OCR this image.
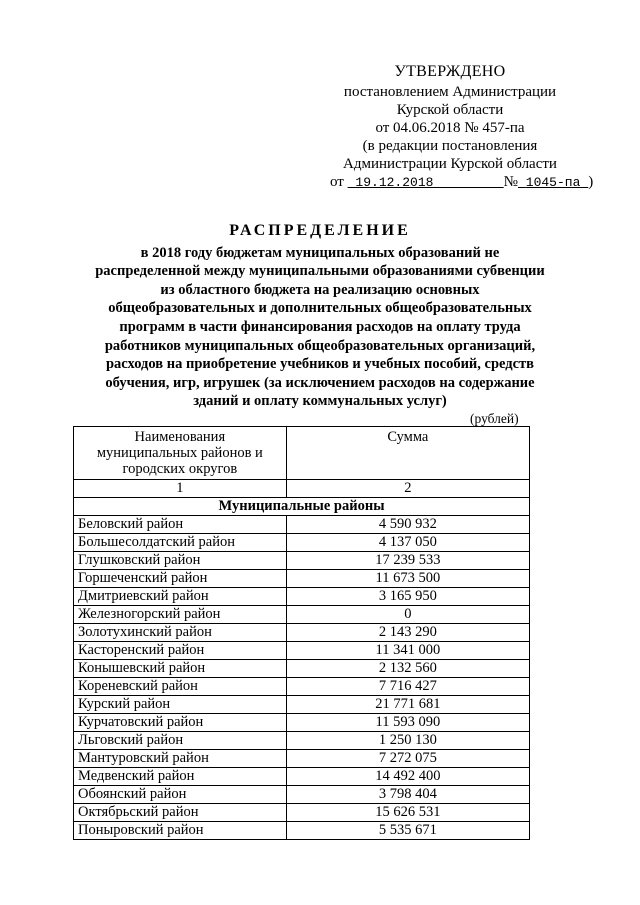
УТВЕРЖДЕНО
постановлением Администрации
Курской области
от 04.06.2018 № 457-па
(в редакции постановления
Администрации Курской области
от 19.12.2018	№ 1045-па )
РАСПРЕДЕЛЕНИЕ
в 2018 году бюджетам муниципальных образований не
распределенной между муниципальными образованиями субвенции
из областного бюджета на реализацию основных
общеобразовательных и дополнительных общеобразовательных
программ в части финансирования расходов на оплату труда
работников муниципальных общеобразовательных организаций,
расходов на приобретение учебников и учебных пособий, средств
обучения, игр, игрушек (за исключением расходов на содержание
зданий и оплату коммунальных услуг)
(рублей)
Наименования
муниципальных районов и
городских округов	Сумма
1	2
Муниципальные районы	
Беловский район	4 590 932
Большесолдатский район	4 137 050
Глушковский район	17 239 533
Горшеченский район	11 673 500
Дмитриевский район	3 165 950
Железногорский район	0
Золотухинский район	2 143 290
Касторенский район	11 341 000
Конышевский район	2 132 560
Кореневский район	7 716 427
Курский район	21 771 681
Курчатовский район	11 593 090
Льговский район	1 250 130
Мантуровский район	7 272 075
Медвенский район	14 492 400
Обоянский район	3 798 404
Октябрьский район	15 626 531
Поныровский район	5 535 671
